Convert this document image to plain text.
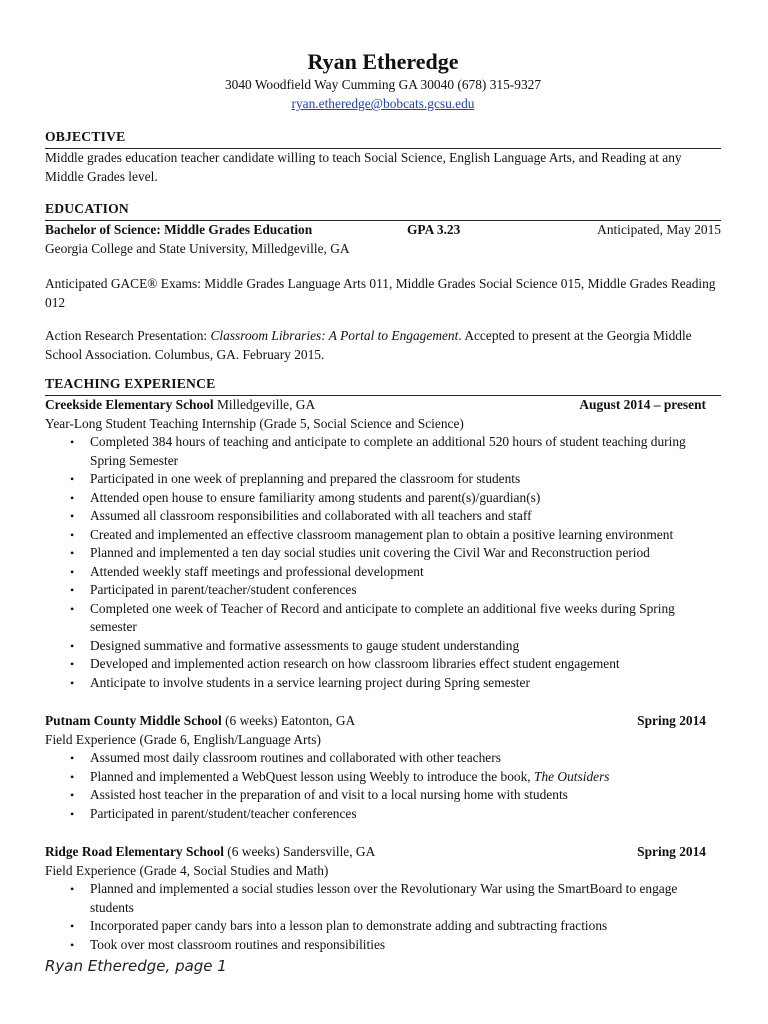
Ryan Etheredge
3040 Woodfield Way Cumming GA 30040 (678) 315-9327
ryan.etheredge@bobcats.gcsu.edu
OBJECTIVE
Middle grades education teacher candidate willing to teach Social Science, English Language Arts, and Reading at any Middle Grades level.
EDUCATION
Bachelor of Science: Middle Grades Education	GPA 3.23	Anticipated, May 2015

Georgia College and State University, Milledgeville, GA

Anticipated GACE® Exams: Middle Grades Language Arts 011, Middle Grades Social Science 015, Middle Grades Reading 012

Action Research Presentation: Classroom Libraries: A Portal to Engagement. Accepted to present at the Georgia Middle School Association. Columbus, GA. February 2015.

TEACHING EXPERIENCE
Creekside Elementary School Milledgeville, GA	August 2014 – present

Year-Long Student Teaching Internship (Grade 5, Social Science and Science)

• Completed 384 hours of teaching and anticipate to complete an additional 520 hours of student teaching during Spring Semester
• Participated in one week of preplanning and prepared the classroom for students
• Attended open house to ensure familiarity among students and parent(s)/guardian(s)
• Assumed all classroom responsibilities and collaborated with all teachers and staff
• Created and implemented an effective classroom management plan to obtain a positive learning environment
• Planned and implemented a ten day social studies unit covering the Civil War and Reconstruction period
• Attended weekly staff meetings and professional development
• Participated in parent/teacher/student conferences
• Completed one week of Teacher of Record and anticipate to complete an additional five weeks during Spring semester
• Designed summative and formative assessments to gauge student understanding
• Developed and implemented action research on how classroom libraries effect student engagement
• Anticipate to involve students in a service learning project during Spring semester
Putnam County Middle School (6 weeks) Eatonton, GA	Spring 2014

Field Experience (Grade 6, English/Language Arts)

• Assumed most daily classroom routines and collaborated with other teachers
• Planned and implemented a WebQuest lesson using Weebly to introduce the book, The Outsiders
• Assisted host teacher in the preparation of and visit to a local nursing home with students
• Participated in parent/student/teacher conferences
Ridge Road Elementary School (6 weeks) Sandersville, GA	Spring 2014

Field Experience (Grade 4, Social Studies and Math)

• Planned and implemented a social studies lesson over the Revolutionary War using the SmartBoard to engage students
• Incorporated paper candy bars into a lesson plan to demonstrate adding and subtracting fractions
• Took over most classroom routines and responsibilities
Ryan Etheredge, page 1
